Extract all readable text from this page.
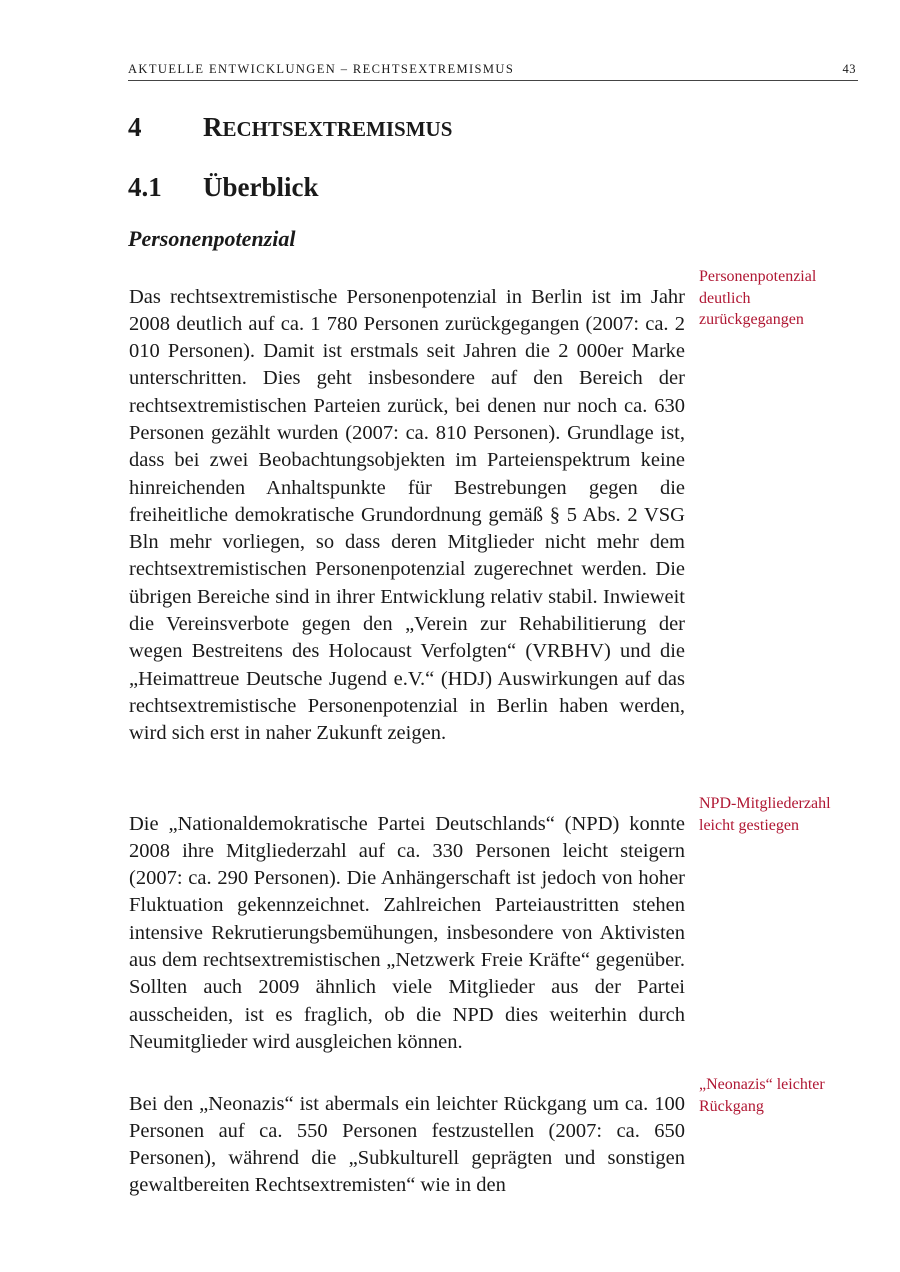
AKTUELLE ENTWICKLUNGEN – RECHTSEXTREMISMUS	43
4 RECHTSEXTREMISMUS
4.1 Überblick
Personenpotenzial

Das rechtsextremistische Personenpotenzial in Berlin ist im Jahr 2008 deutlich auf ca. 1 780 Personen zurückgegangen (2007: ca. 2 010 Personen). Damit ist erstmals seit Jahren die 2 000er Marke unterschritten. Dies geht insbesondere auf den Bereich der rechtsextremistischen Parteien zurück, bei denen nur noch ca. 630 Personen gezählt wurden (2007: ca. 810 Personen). Grundlage ist, dass bei zwei Beobachtungsobjekten im Parteienspektrum keine hinreichenden Anhaltspunkte für Bestrebungen gegen die freiheitliche demokratische Grundordnung gemäß § 5 Abs. 2 VSG Bln mehr vorliegen, so dass deren Mitglieder nicht mehr dem rechtsextremistischen Personenpotenzial zugerechnet werden. Die übrigen Bereiche sind in ihrer Entwicklung relativ stabil. Inwieweit die Vereinsverbote gegen den „Verein zur Rehabilitierung der wegen Bestreitens des Holocaust Verfolgten“ (VRBHV) und die „Heimattreue Deutsche Jugend e.V.“ (HDJ) Auswirkungen auf das rechtsextremistische Personenpotenzial in Berlin haben werden, wird sich erst in naher Zukunft zeigen.

Personenpotenzial deutlich zurückgegangen

Die „Nationaldemokratische Partei Deutschlands“ (NPD) konnte 2008 ihre Mitgliederzahl auf ca. 330 Personen leicht steigern (2007: ca. 290 Personen). Die Anhängerschaft ist jedoch von hoher Fluktuation gekennzeichnet. Zahlreichen Parteiaustritten stehen intensive Rekrutierungsbemühungen, insbesondere von Aktivisten aus dem rechtsextremistischen „Netzwerk Freie Kräfte“ gegenüber. Sollten auch 2009 ähnlich viele Mitglieder aus der Partei ausscheiden, ist es fraglich, ob die NPD dies weiterhin durch Neumitglieder wird ausgleichen können.

NPD-Mitgliederzahl leicht gestiegen

Bei den „Neonazis“ ist abermals ein leichter Rückgang um ca. 100 Personen auf ca. 550 Personen festzustellen (2007: ca. 650 Personen), während die „Subkulturell geprägten und sonstigen gewaltbereiten Rechtsextremisten“ wie in den

„Neonazis“ leichter Rückgang
